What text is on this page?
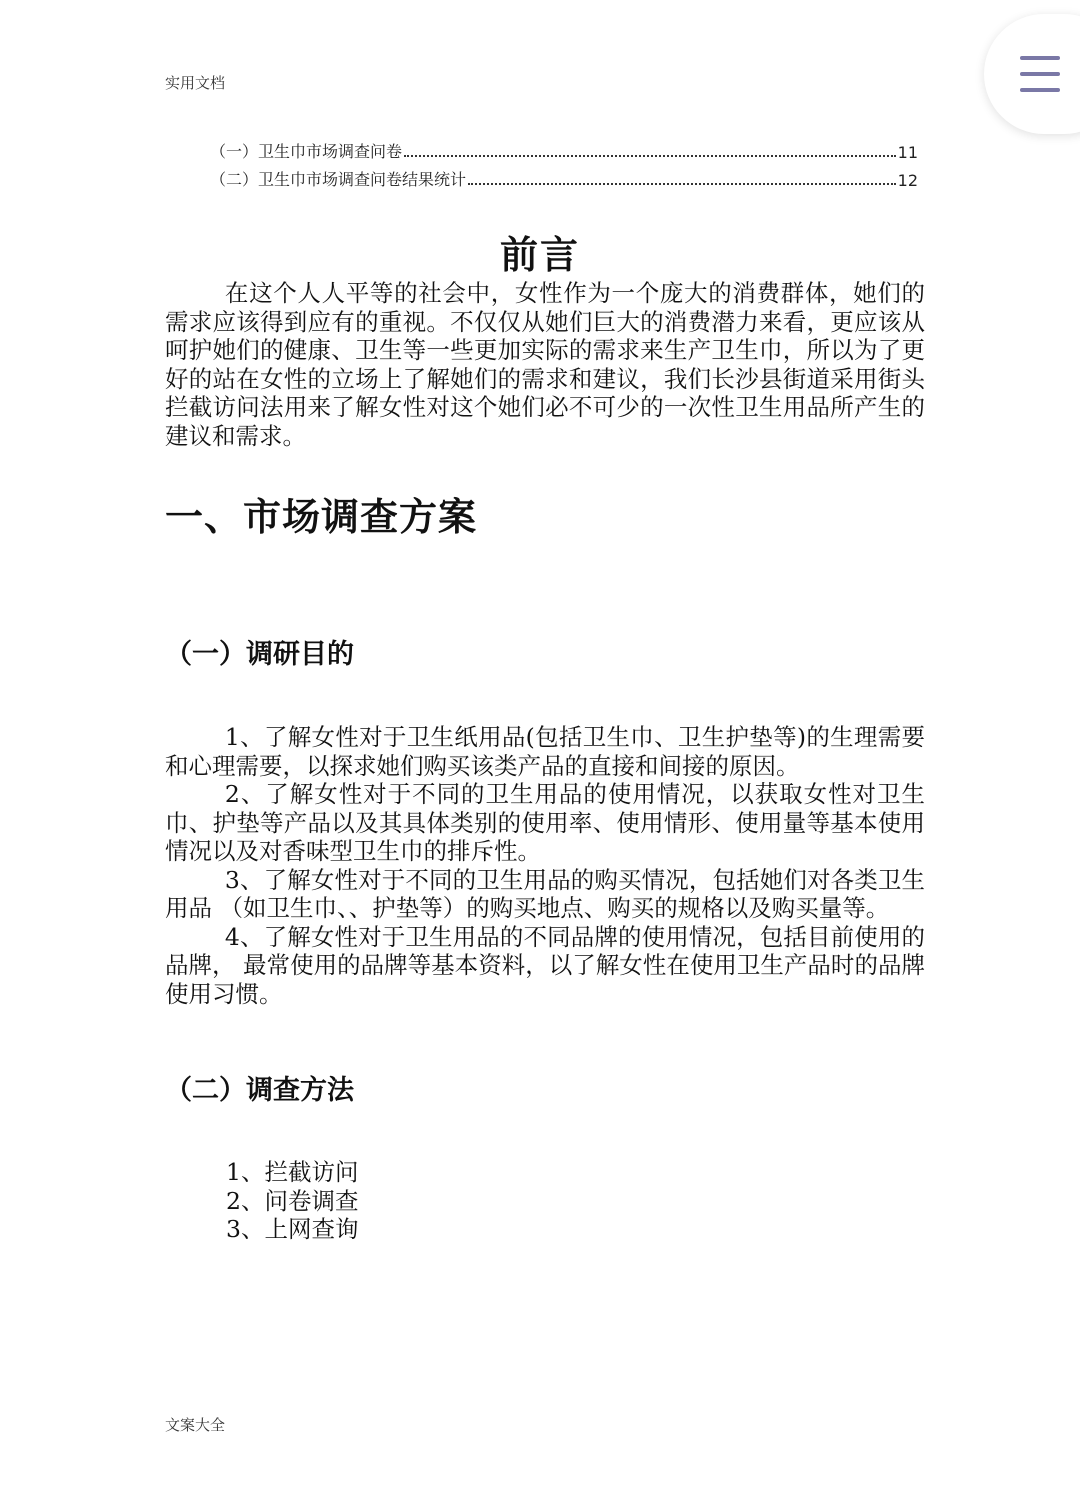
实用文档
（一）卫生巾市场调查问卷	11
（二）卫生巾市场调查问卷结果统计	12
前言

在这个人人平等的社会中，女性作为一个庞大的消费群体，她们的需求应该得到应有的重视。不仅仅从她们巨大的消费潜力来看，更应该从呵护她们的健康、卫生等一些更加实际的需求来生产卫生巾，所以为了更好的站在女性的立场上了解她们的需求和建议，我们长沙县街道采用街头拦截访问法用来了解女性对这个她们必不可少的一次性卫生用品所产生的建议和需求。

一、市场调查方案
（一）调研目的

1、了解女性对于卫生纸用品(包括卫生巾、卫生护垫等)的生理需要和心理需要，以探求她们购买该类产品的直接和间接的原因。

2、了解女性对于不同的卫生用品的使用情况，以获取女性对卫生巾、护垫等产品以及其具体类别的使用率、使用情形、使用量等基本使用情况以及对香味型卫生巾的排斥性。

3、了解女性对于不同的卫生用品的购买情况，包括她们对各类卫生用品 （如卫生巾、、护垫等）的购买地点、购买的规格以及购买量等。

4、了解女性对于卫生用品的不同品牌的使用情况，包括目前使用的品牌， 最常使用的品牌等基本资料，以了解女性在使用卫生产品时的品牌使用习惯。

（二）调查方法
1、拦截访问
2、问卷调查
3、上网查询
文案大全
